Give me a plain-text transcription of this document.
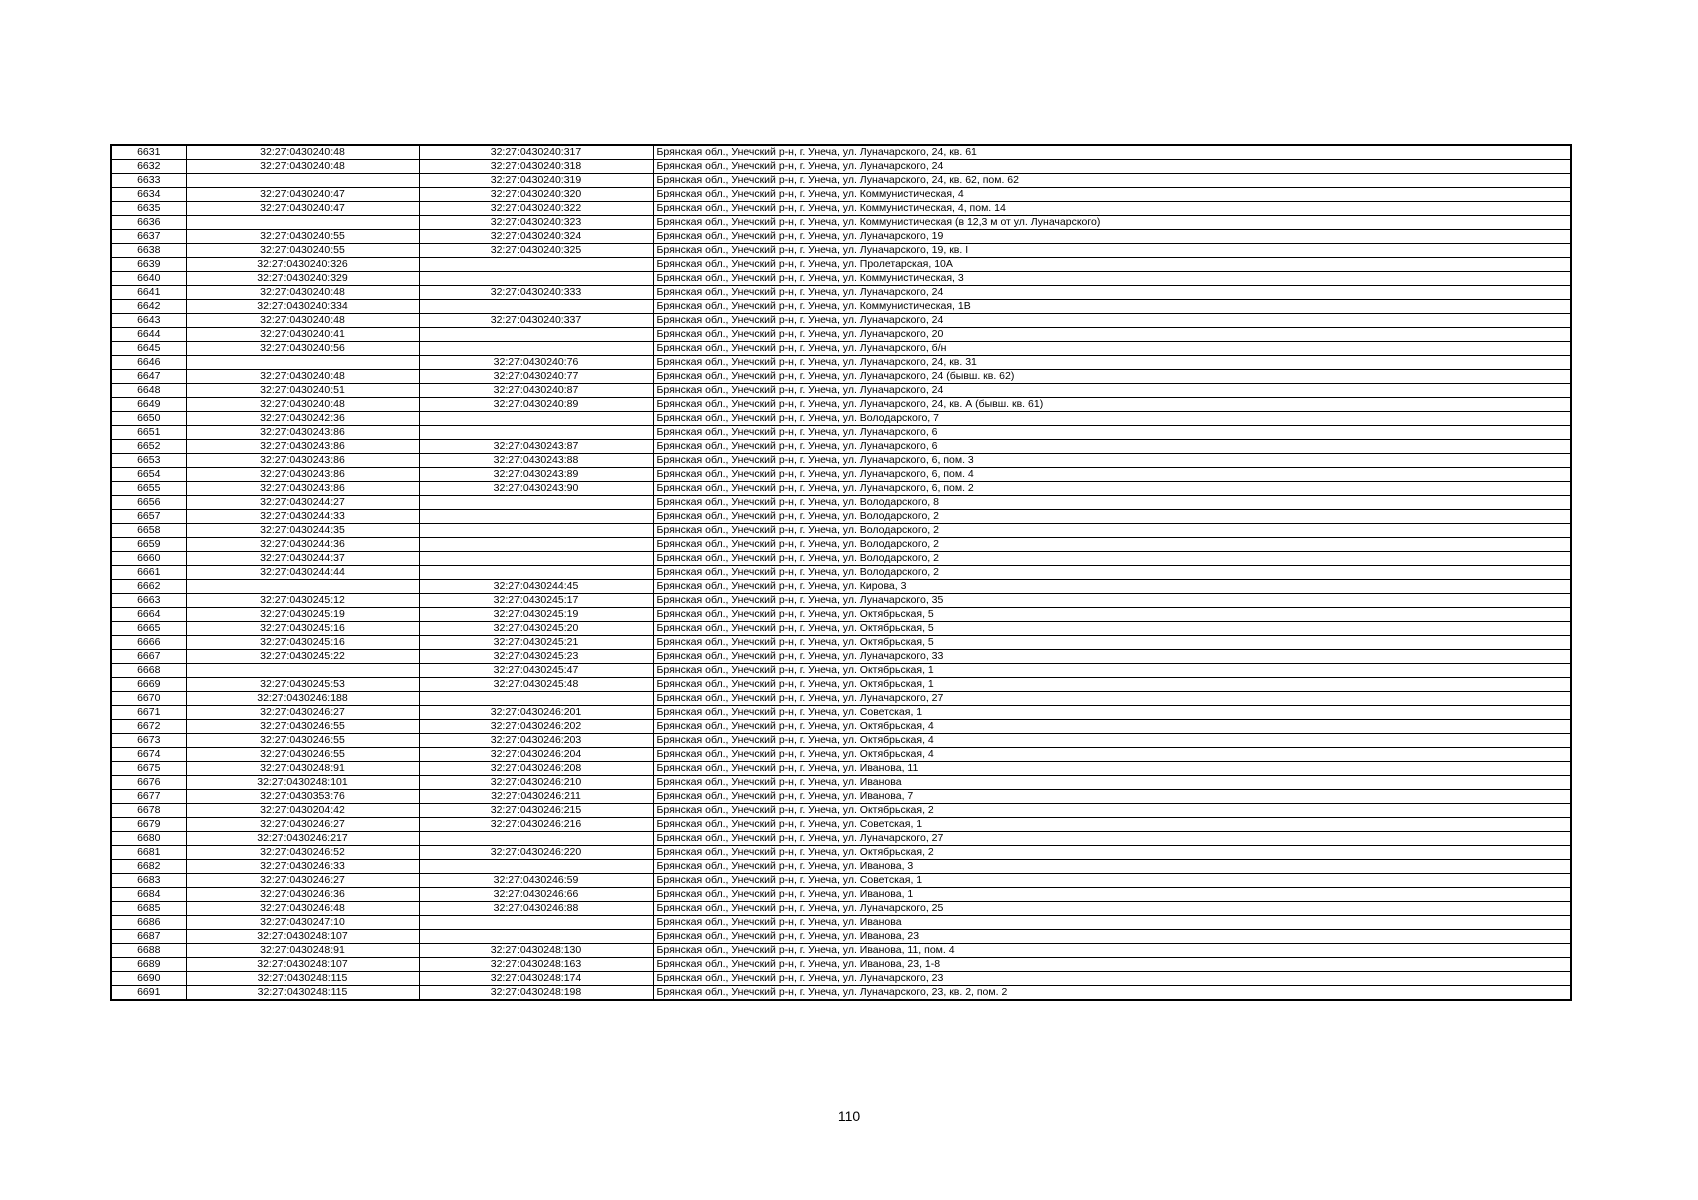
6631	32:27:0430240:48	32:27:0430240:317	Брянская обл., Унечский р-н, г. Унеча, ул. Луначарского, 24, кв. 61
6632	32:27:0430240:48	32:27:0430240:318	Брянская обл., Унечский р-н, г. Унеча, ул. Луначарского, 24
6633		32:27:0430240:319	Брянская обл., Унечский р-н, г. Унеча, ул. Луначарского, 24, кв. 62, пом. 62
6634	32:27:0430240:47	32:27:0430240:320	Брянская обл., Унечский р-н, г. Унеча, ул. Коммунистическая, 4
6635	32:27:0430240:47	32:27:0430240:322	Брянская обл., Унечский р-н, г. Унеча, ул. Коммунистическая, 4, пом. 14
6636		32:27:0430240:323	Брянская обл., Унечский р-н, г. Унеча, ул. Коммунистическая (в 12,3 м от ул. Луначарского)
6637	32:27:0430240:55	32:27:0430240:324	Брянская обл., Унечский р-н, г. Унеча, ул. Луначарского, 19
6638	32:27:0430240:55	32:27:0430240:325	Брянская обл., Унечский р-н, г. Унеча, ул. Луначарского, 19, кв. I
6639	32:27:0430240:326		Брянская обл., Унечский р-н, г. Унеча, ул. Пролетарская, 10А
6640	32:27:0430240:329		Брянская обл., Унечский р-н, г. Унеча, ул. Коммунистическая, 3
6641	32:27:0430240:48	32:27:0430240:333	Брянская обл., Унечский р-н, г. Унеча, ул. Луначарского, 24
6642	32:27:0430240:334		Брянская обл., Унечский р-н, г. Унеча, ул. Коммунистическая, 1В
6643	32:27:0430240:48	32:27:0430240:337	Брянская обл., Унечский р-н, г. Унеча, ул. Луначарского, 24
6644	32:27:0430240:41		Брянская обл., Унечский р-н, г. Унеча, ул. Луначарского, 20
6645	32:27:0430240:56		Брянская обл., Унечский р-н, г. Унеча, ул. Луначарского, б/н
6646		32:27:0430240:76	Брянская обл., Унечский р-н, г. Унеча, ул. Луначарского, 24, кв. 31
6647	32:27:0430240:48	32:27:0430240:77	Брянская обл., Унечский р-н, г. Унеча, ул. Луначарского, 24 (бывш. кв. 62)
6648	32:27:0430240:51	32:27:0430240:87	Брянская обл., Унечский р-н, г. Унеча, ул. Луначарского, 24
6649	32:27:0430240:48	32:27:0430240:89	Брянская обл., Унечский р-н, г. Унеча, ул. Луначарского, 24, кв. А (бывш. кв. 61)
6650	32:27:0430242:36		Брянская обл., Унечский р-н, г. Унеча, ул. Володарского, 7
6651	32:27:0430243:86		Брянская обл., Унечский р-н, г. Унеча, ул. Луначарского, 6
6652	32:27:0430243:86	32:27:0430243:87	Брянская обл., Унечский р-н, г. Унеча, ул. Луначарского, 6
6653	32:27:0430243:86	32:27:0430243:88	Брянская обл., Унечский р-н, г. Унеча, ул. Луначарского, 6, пом. 3
6654	32:27:0430243:86	32:27:0430243:89	Брянская обл., Унечский р-н, г. Унеча, ул. Луначарского, 6, пом. 4
6655	32:27:0430243:86	32:27:0430243:90	Брянская обл., Унечский р-н, г. Унеча, ул. Луначарского, 6, пом. 2
6656	32:27:0430244:27		Брянская обл., Унечский р-н, г. Унеча, ул. Володарского, 8
6657	32:27:0430244:33		Брянская обл., Унечский р-н, г. Унеча, ул. Володарского, 2
6658	32:27:0430244:35		Брянская обл., Унечский р-н, г. Унеча, ул. Володарского, 2
6659	32:27:0430244:36		Брянская обл., Унечский р-н, г. Унеча, ул. Володарского, 2
6660	32:27:0430244:37		Брянская обл., Унечский р-н, г. Унеча, ул. Володарского, 2
6661	32:27:0430244:44		Брянская обл., Унечский р-н, г. Унеча, ул. Володарского, 2
6662		32:27:0430244:45	Брянская обл., Унечский р-н, г. Унеча, ул. Кирова, 3
6663	32:27:0430245:12	32:27:0430245:17	Брянская обл., Унечский р-н, г. Унеча, ул. Луначарского, 35
6664	32:27:0430245:19	32:27:0430245:19	Брянская обл., Унечский р-н, г. Унеча, ул. Октябрьская, 5
6665	32:27:0430245:16	32:27:0430245:20	Брянская обл., Унечский р-н, г. Унеча, ул. Октябрьская, 5
6666	32:27:0430245:16	32:27:0430245:21	Брянская обл., Унечский р-н, г. Унеча, ул. Октябрьская, 5
6667	32:27:0430245:22	32:27:0430245:23	Брянская обл., Унечский р-н, г. Унеча, ул. Луначарского, 33
6668		32:27:0430245:47	Брянская обл., Унечский р-н, г. Унеча, ул. Октябрьская, 1
6669	32:27:0430245:53	32:27:0430245:48	Брянская обл., Унечский р-н, г. Унеча, ул. Октябрьская, 1
6670	32:27:0430246:188		Брянская обл., Унечский р-н, г. Унеча, ул. Луначарского, 27
6671	32:27:0430246:27	32:27:0430246:201	Брянская обл., Унечский р-н, г. Унеча, ул. Советская, 1
6672	32:27:0430246:55	32:27:0430246:202	Брянская обл., Унечский р-н, г. Унеча, ул. Октябрьская, 4
6673	32:27:0430246:55	32:27:0430246:203	Брянская обл., Унечский р-н, г. Унеча, ул. Октябрьская, 4
6674	32:27:0430246:55	32:27:0430246:204	Брянская обл., Унечский р-н, г. Унеча, ул. Октябрьская, 4
6675	32:27:0430248:91	32:27:0430246:208	Брянская обл., Унечский р-н, г. Унеча, ул. Иванова, 11
6676	32:27:0430248:101	32:27:0430246:210	Брянская обл., Унечский р-н, г. Унеча, ул. Иванова
6677	32:27:0430353:76	32:27:0430246:211	Брянская обл., Унечский р-н, г. Унеча, ул. Иванова, 7
6678	32:27:0430204:42	32:27:0430246:215	Брянская обл., Унечский р-н, г. Унеча, ул. Октябрьская, 2
6679	32:27:0430246:27	32:27:0430246:216	Брянская обл., Унечский р-н, г. Унеча, ул. Советская, 1
6680	32:27:0430246:217		Брянская обл., Унечский р-н, г. Унеча, ул. Луначарского, 27
6681	32:27:0430246:52	32:27:0430246:220	Брянская обл., Унечский р-н, г. Унеча, ул. Октябрьская, 2
6682	32:27:0430246:33		Брянская обл., Унечский р-н, г. Унеча, ул. Иванова, 3
6683	32:27:0430246:27	32:27:0430246:59	Брянская обл., Унечский р-н, г. Унеча, ул. Советская, 1
6684	32:27:0430246:36	32:27:0430246:66	Брянская обл., Унечский р-н, г. Унеча, ул. Иванова, 1
6685	32:27:0430246:48	32:27:0430246:88	Брянская обл., Унечский р-н, г. Унеча, ул. Луначарского, 25
6686	32:27:0430247:10		Брянская обл., Унечский р-н, г. Унеча, ул. Иванова
6687	32:27:0430248:107		Брянская обл., Унечский р-н, г. Унеча, ул. Иванова, 23
6688	32:27:0430248:91	32:27:0430248:130	Брянская обл., Унечский р-н, г. Унеча, ул. Иванова, 11, пом. 4
6689	32:27:0430248:107	32:27:0430248:163	Брянская обл., Унечский р-н, г. Унеча, ул. Иванова, 23, 1-8
6690	32:27:0430248:115	32:27:0430248:174	Брянская обл., Унечский р-н, г. Унеча, ул. Луначарского, 23
6691	32:27:0430248:115	32:27:0430248:198	Брянская обл., Унечский р-н, г. Унеча, ул. Луначарского, 23, кв. 2, пом. 2
110
